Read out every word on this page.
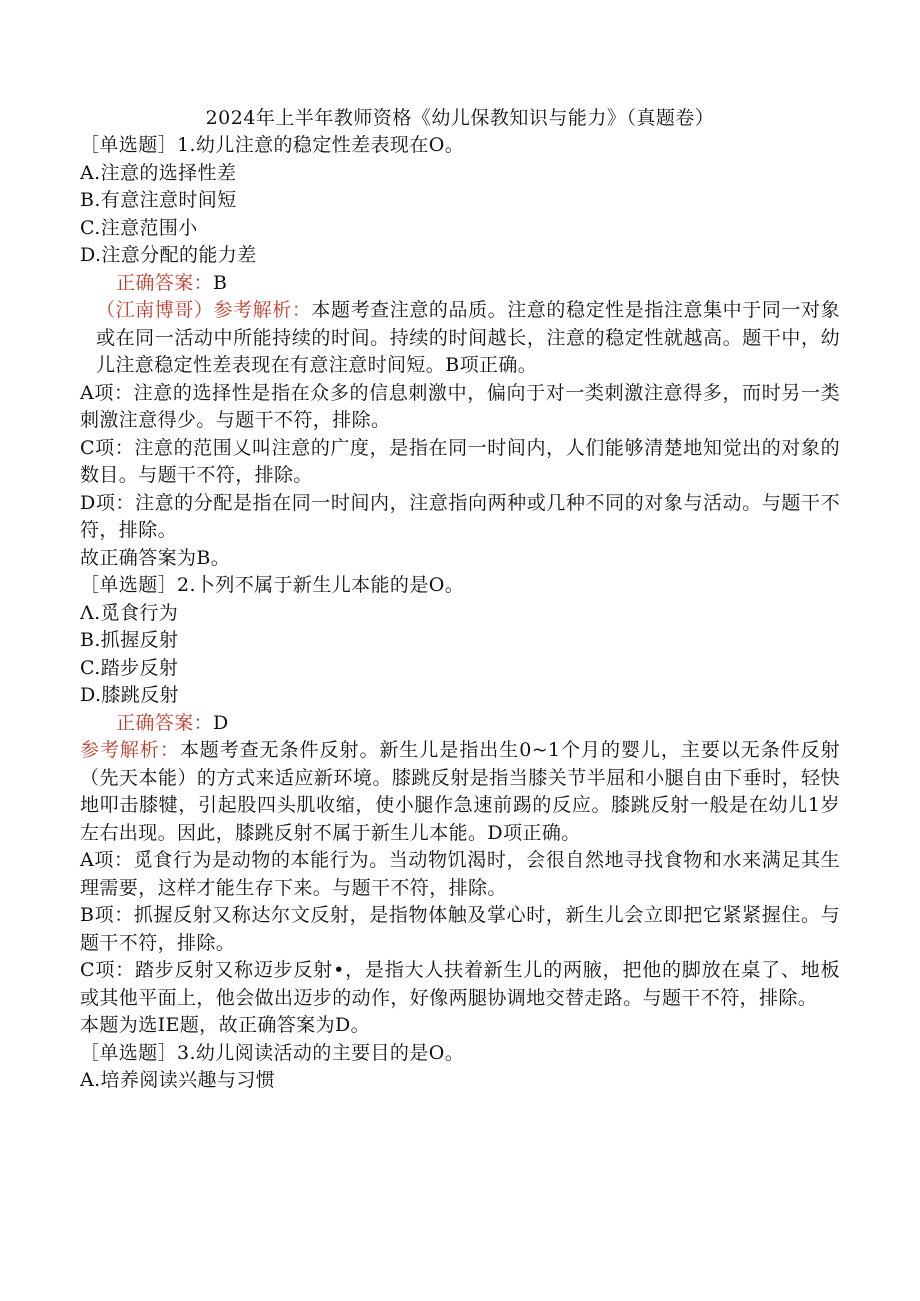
2024年上半年教师资格《幼儿保教知识与能力》（真题卷）

［单选题］1.幼儿注意的稳定性差表现在O。

A.注意的选择性差

B.有意注意时间短

C.注意范围小

D.注意分配的能力差

正确答案：B

（江南博哥）参考解析：本题考查注意的品质。注意的稳定性是指注意集中于同一对象或在同一活动中所能持续的时间。持续的时间越长，注意的稳定性就越高。题干中，幼儿注意稳定性差表现在有意注意时间短。B项正确。

A项：注意的选择性是指在众多的信息刺激中，偏向于对一类刺激注意得多，而时另一类刺激注意得少。与题干不符，排除。

C项：注意的范围乂叫注意的广度，是指在同一时间内，人们能够清楚地知觉出的对象的数目。与题干不符，排除。

D项：注意的分配是指在同一时间内，注意指向两种或几种不同的对象与活动。与题干不符，排除。

故正确答案为B。

［单选题］2.卜列不属于新生儿本能的是O。

Λ.觅食行为

B.抓握反射

C.踏步反射

D.膝跳反射

正确答案：D

参考解析：本题考查无条件反射。新生儿是指出生0~1个月的婴儿，主要以无条件反射（先天本能）的方式来适应新环境。膝跳反射是指当膝关节半屈和小腿自由下垂时，轻快地叩击膝犍，引起股四头肌收缩，使小腿作急速前踢的反应。膝跳反射一般是在幼儿1岁左右出现。因此，膝跳反射不属于新生儿本能。D项正确。

A项：觅食行为是动物的本能行为。当动物饥渴时，会很自然地寻找食物和水来满足其生理需要，这样才能生存下来。与题干不符，排除。

B项：抓握反射又称达尔文反射，是指物体触及掌心时，新生儿会立即把它紧紧握住。与题干不符，排除。

C项：踏步反射又称迈步反射•，是指大人扶着新生儿的两腋，把他的脚放在桌了、地板或其他平面上，他会做出迈步的动作，好像两腿协调地交替走路。与题干不符，排除。

本题为选IE题，故正确答案为D。

［单选题］3.幼儿阅读活动的主要目的是O。

A.培养阅读兴趣与习惯
